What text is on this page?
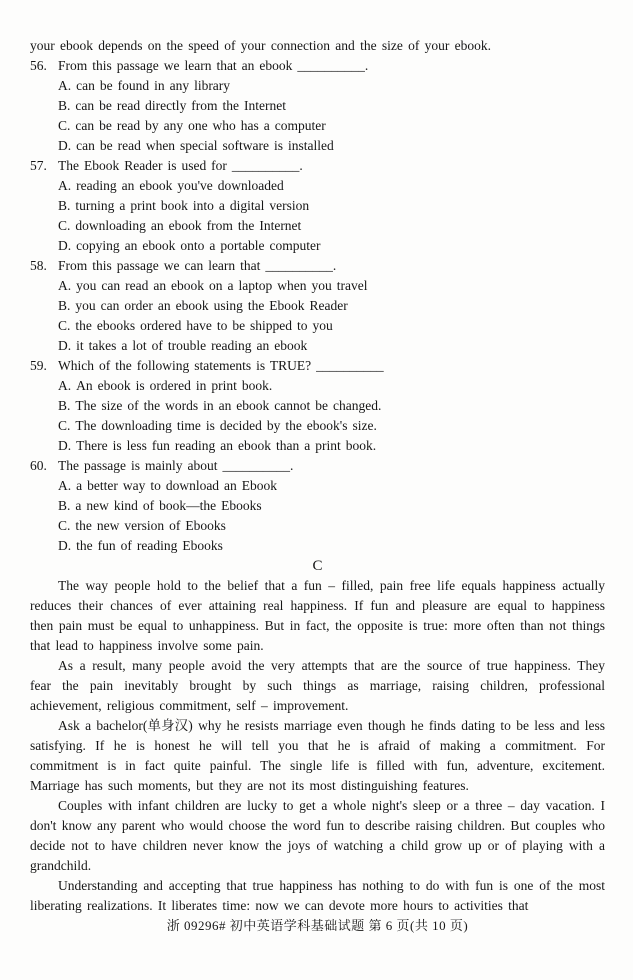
your ebook depends on the speed of your connection and the size of your ebook.
56. From this passage we learn that an ebook __________.
A. can be found in any library
B. can be read directly from the Internet
C. can be read by any one who has a computer
D. can be read when special software is installed
57. The Ebook Reader is used for __________.
A. reading an ebook you've downloaded
B. turning a print book into a digital version
C. downloading an ebook from the Internet
D. copying an ebook onto a portable computer
58. From this passage we can learn that __________.
A. you can read an ebook on a laptop when you travel
B. you can order an ebook using the Ebook Reader
C. the ebooks ordered have to be shipped to you
D. it takes a lot of trouble reading an ebook
59. Which of the following statements is TRUE? __________
A. An ebook is ordered in print book.
B. The size of the words in an ebook cannot be changed.
C. The downloading time is decided by the ebook's size.
D. There is less fun reading an ebook than a print book.
60. The passage is mainly about __________.
A. a better way to download an Ebook
B. a new kind of book—the Ebooks
C. the new version of Ebooks
D. the fun of reading Ebooks
C

The way people hold to the belief that a fun – filled, pain free life equals happiness actually reduces their chances of ever attaining real happiness. If fun and pleasure are equal to happiness then pain must be equal to unhappiness. But in fact, the opposite is true: more often than not things that lead to happiness involve some pain.

As a result, many people avoid the very attempts that are the source of true happiness. They fear the pain inevitably brought by such things as marriage, raising children, professional achievement, religious commitment, self – improvement.

Ask a bachelor(单身汉) why he resists marriage even though he finds dating to be less and less satisfying. If he is honest he will tell you that he is afraid of making a commitment. For commitment is in fact quite painful. The single life is filled with fun, adventure, excitement. Marriage has such moments, but they are not its most distinguishing features.

Couples with infant children are lucky to get a whole night's sleep or a three – day vacation. I don't know any parent who would choose the word fun to describe raising children. But couples who decide not to have children never know the joys of watching a child grow up or of playing with a grandchild.

Understanding and accepting that true happiness has nothing to do with fun is one of the most liberating realizations. It liberates time: now we can devote more hours to activities that

浙 09296# 初中英语学科基础试题 第 6 页(共 10 页)
